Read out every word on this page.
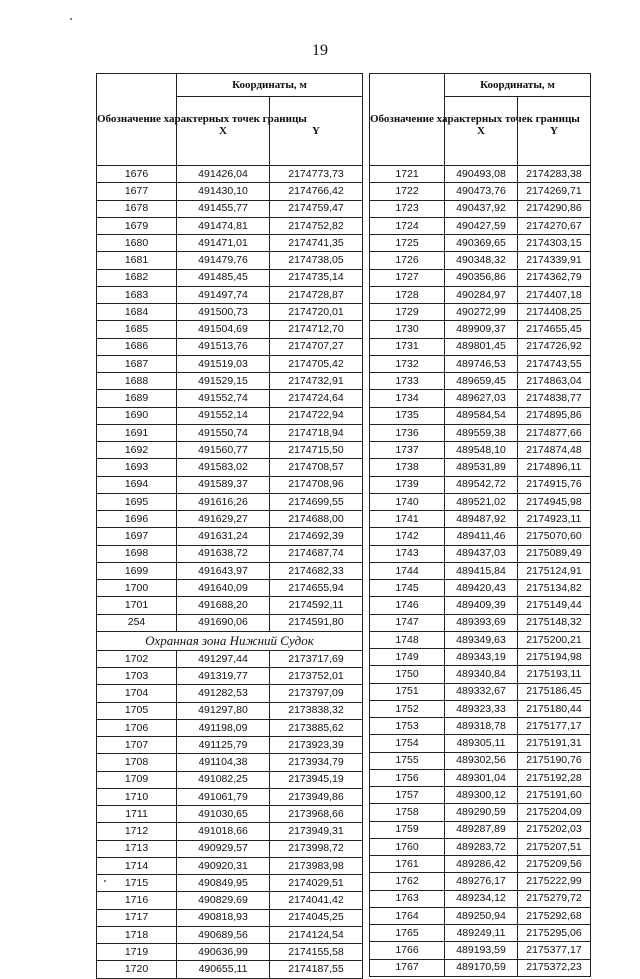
19
Обозначение характерных точек границы	Координаты, м	
	X	Y
1676	491426,04	2174773,73
1677	491430,10	2174766,42
1678	491455,77	2174759,47
1679	491474,81	2174752,82
1680	491471,01	2174741,35
1681	491479,76	2174738,05
1682	491485,45	2174735,14
1683	491497,74	2174728,87
1684	491500,73	2174720,01
1685	491504,69	2174712,70
1686	491513,76	2174707,27
1687	491519,03	2174705,42
1688	491529,15	2174732,91
1689	491552,74	2174724,64
1690	491552,14	2174722,94
1691	491550,74	2174718,94
1692	491560,77	2174715,50
1693	491583,02	2174708,57
1694	491589,37	2174708,96
1695	491616,26	2174699,55
1696	491629,27	2174688,00
1697	491631,24	2174692,39
1698	491638,72	2174687,74
1699	491643,97	2174682,33
1700	491640,09	2174655,94
1701	491688,20	2174592,11
254	491690,06	2174591,80
Охранная зона Нижний Судок		
1702	491297,44	2173717,69
1703	491319,77	2173752,01
1704	491282,53	2173797,09
1705	491297,80	2173838,32
1706	491198,09	2173885,62
1707	491125,79	2173923,39
1708	491104,38	2173934,79
1709	491082,25	2173945,19
1710	491061,79	2173949,86
1711	491030,65	2173968,66
1712	491018,66	2173949,31
1713	490929,57	2173998,72
1714	490920,31	2173983,98
1715	490849,95	2174029,51
1716	490829,69	2174041,42
1717	490818,93	2174045,25
1718	490689,56	2174124,54
1719	490636,99	2174155,58
1720	490655,11	2174187,55
Обозначение характерных точек границы	Координаты, м	
	X	Y
1721	490493,08	2174283,38
1722	490473,76	2174269,71
1723	490437,92	2174290,86
1724	490427,59	2174270,67
1725	490369,65	2174303,15
1726	490348,32	2174339,91
1727	490356,86	2174362,79
1728	490284,97	2174407,18
1729	490272,99	2174408,25
1730	489909,37	2174655,45
1731	489801,45	2174726,92
1732	489746,53	2174743,55
1733	489659,45	2174863,04
1734	489627,03	2174838,77
1735	489584,54	2174895,86
1736	489559,38	2174877,66
1737	489548,10	2174874,48
1738	489531,89	2174896,11
1739	489542,72	2174915,76
1740	489521,02	2174945,98
1741	489487,92	2174923,11
1742	489411,46	2175070,60
1743	489437,03	2175089,49
1744	489415,84	2175124,91
1745	489420,43	2175134,82
1746	489409,39	2175149,44
1747	489393,69	2175148,32
1748	489349,63	2175200,21
1749	489343,19	2175194,98
1750	489340,84	2175193,11
1751	489332,67	2175186,45
1752	489323,33	2175180,44
1753	489318,78	2175177,17
1754	489305,11	2175191,31
1755	489302,56	2175190,76
1756	489301,04	2175192,28
1757	489300,12	2175191,60
1758	489290,59	2175204,09
1759	489287,89	2175202,03
1760	489283,72	2175207,51
1761	489286,42	2175209,56
1762	489276,17	2175222,99
1763	489234,12	2175279,72
1764	489250,94	2175292,68
1765	489249,11	2175295,06
1766	489193,59	2175377,17
1767	489170,59	2175372,23
